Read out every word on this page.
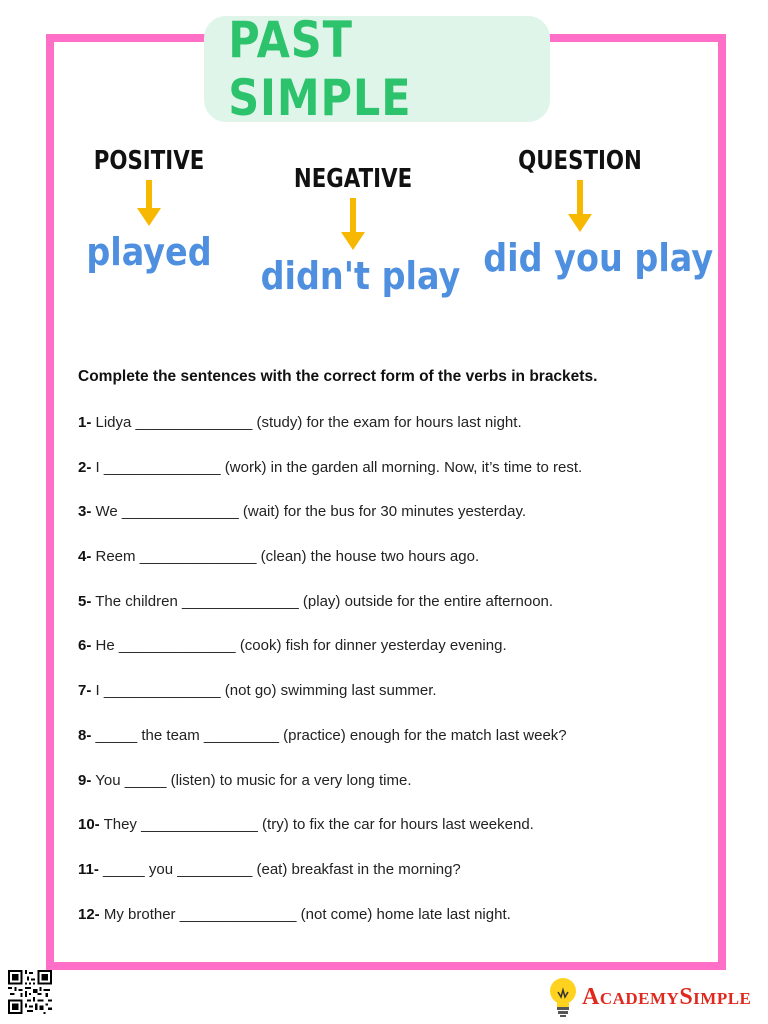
PAST SIMPLE
POSITIVE
played
NEGATIVE
didn't play
QUESTION
did you play
Complete the sentences with the correct form of the verbs in brackets.
1- Lidya ______________ (study) for the exam for hours last night.
2- I ______________ (work) in the garden all morning. Now, it’s time to rest.
3- We ______________ (wait) for the bus for 30 minutes yesterday.
4- Reem ______________ (clean) the house two hours ago.
5- The children ______________ (play) outside for the entire afternoon.
6- He ______________ (cook) fish for dinner yesterday evening.
7- I ______________ (not go) swimming last summer.
8- _____ the team _________ (practice) enough for the match last week?
9- You _____ (listen) to music for a very long time.
10- They ______________ (try) to fix the car for hours last weekend.
11- _____ you _________ (eat) breakfast in the morning?
12- My brother ______________ (not come) home late last night.
AcademySimple
